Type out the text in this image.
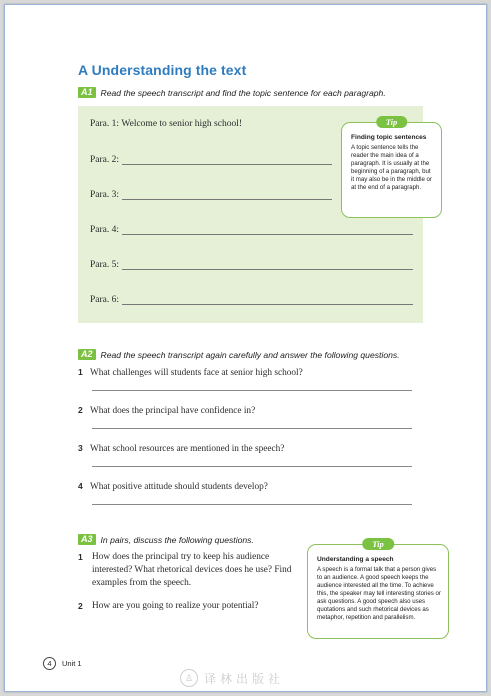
A Understanding the text
A1 Read the speech transcript and find the topic sentence for each paragraph.
Para. 1:
Welcome to senior high school!
Para. 2:
Para. 3:
Para. 4:
Para. 5:
Para. 6:
Tip
Finding topic sentences
A topic sentence tells the reader the main idea of a paragraph. It is usually at the beginning of a paragraph, but it may also be in the middle or at the end of a paragraph.
A2 Read the speech transcript again carefully and answer the following questions.
1 What challenges will students face at senior high school?
2 What does the principal have confidence in?
3 What school resources are mentioned in the speech?
4 What positive attitude should students develop?
A3 In pairs, discuss the following questions.
1 How does the principal try to keep his audience interested? What rhetorical devices does he use? Find examples from the speech.
2 How are you going to realize your potential?
Tip
Understanding a speech
A speech is a formal talk that a person gives to an audience. A good speech keeps the audience interested all the time. To achieve this, the speaker may tell interesting stories or ask questions. A good speech also uses quotations and such rhetorical devices as metaphor, repetition and parallelism.
4	Unit 1
♙ 译林出版社
